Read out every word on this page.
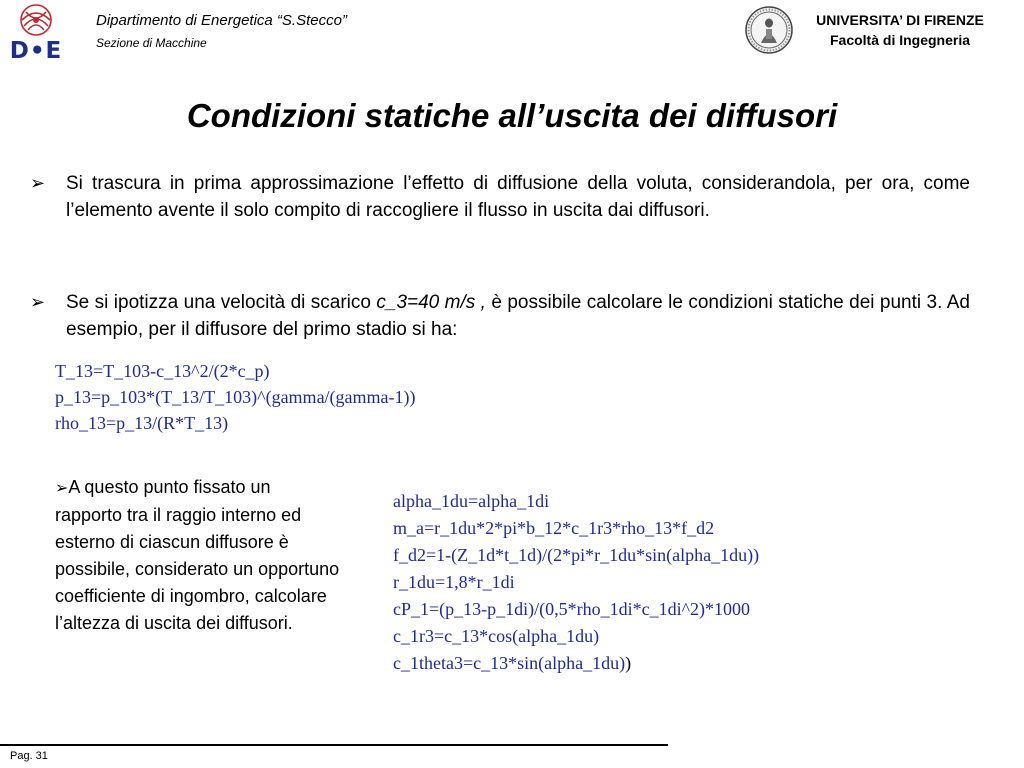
D•E
Dipartimento di Energetica “S.Stecco”
Sezione di Macchine
UNIVERSITA’ DI FIRENZE
Facoltà di Ingegneria
Condizioni statiche all’uscita dei diffusori
➢	Si trascura in prima approssimazione l’effetto di diffusione della voluta, considerandola, per ora, come l’elemento avente il solo compito di raccogliere il flusso in uscita dai diffusori.
➢	Se si ipotizza una velocità di scarico c_3=40 m/s , è possibile calcolare le condizioni statiche dei punti 3. Ad esempio, per il diffusore del primo stadio si ha:
T_13=T_103-c_13^2/(2*c_p)
p_13=p_103*(T_13/T_103)^(gamma/(gamma-1))
rho_13=p_13/(R*T_13)
➢A questo punto fissato un rapporto tra il raggio interno ed esterno di ciascun diffusore è possibile, considerato un opportuno coefficiente di ingombro, calcolare l’altezza di uscita dei diffusori.
alpha_1du=alpha_1di
m_a=r_1du*2*pi*b_12*c_1r3*rho_13*f_d2
f_d2=1-(Z_1d*t_1d)/(2*pi*r_1du*sin(alpha_1du))
r_1du=1,8*r_1di
cP_1=(p_13-p_1di)/(0,5*rho_1di*c_1di^2)*1000
c_1r3=c_13*cos(alpha_1du)
c_1theta3=c_13*sin(alpha_1du))
Pag. 31
